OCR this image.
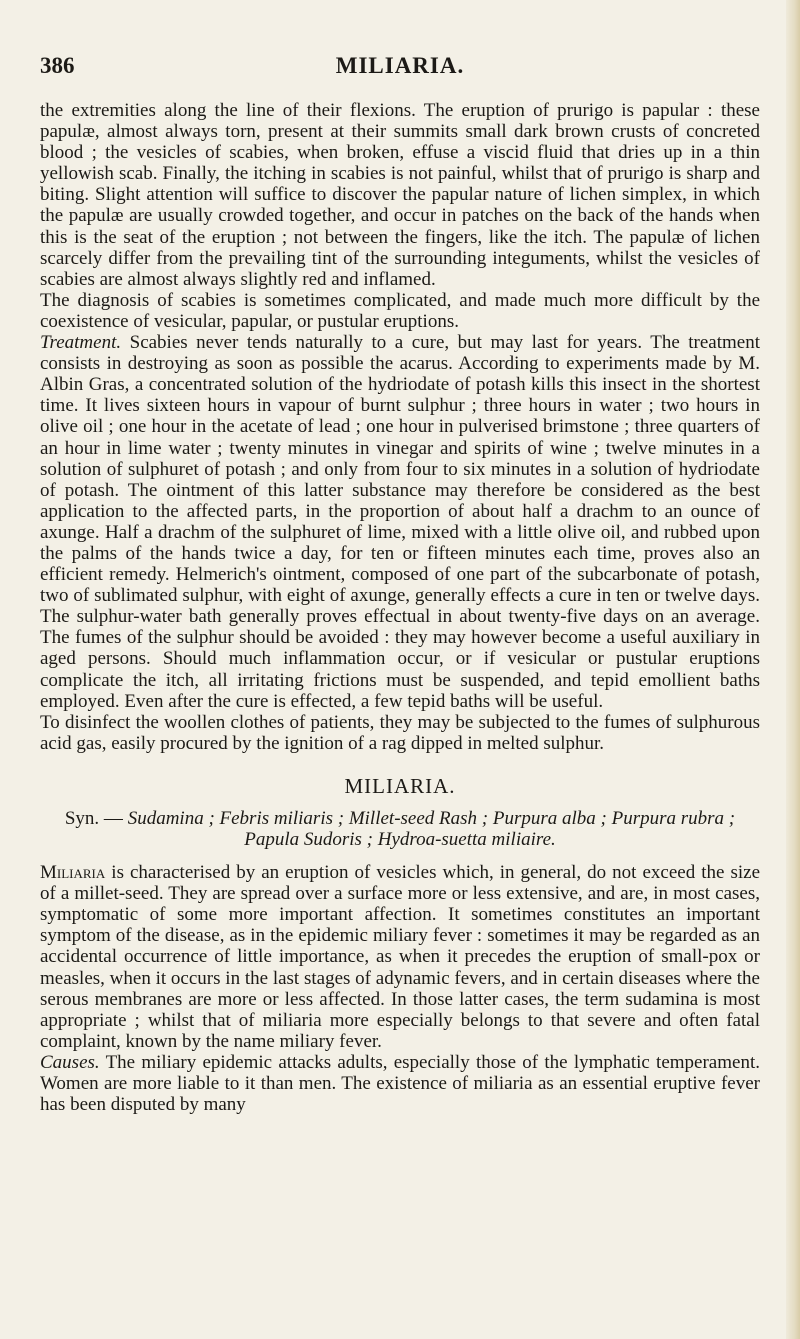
386	MILIARIA.

the extremities along the line of their flexions. The eruption of prurigo is papular : these papulæ, almost always torn, present at their summits small dark brown crusts of concreted blood ; the vesicles of scabies, when broken, effuse a viscid fluid that dries up in a thin yellowish scab. Finally, the itching in scabies is not painful, whilst that of prurigo is sharp and biting. Slight attention will suffice to discover the papular nature of lichen simplex, in which the papulæ are usually crowded together, and occur in patches on the back of the hands when this is the seat of the eruption ; not between the fingers, like the itch. The papulæ of lichen scarcely differ from the prevailing tint of the surrounding integuments, whilst the vesicles of scabies are almost always slightly red and inflamed.

The diagnosis of scabies is sometimes complicated, and made much more difficult by the coexistence of vesicular, papular, or pustular eruptions.

Treatment. Scabies never tends naturally to a cure, but may last for years. The treatment consists in destroying as soon as possible the acarus. According to experiments made by M. Albin Gras, a concentrated solution of the hydriodate of potash kills this insect in the shortest time. It lives sixteen hours in vapour of burnt sulphur ; three hours in water ; two hours in olive oil ; one hour in the acetate of lead ; one hour in pulverised brimstone ; three quarters of an hour in lime water ; twenty minutes in vinegar and spirits of wine ; twelve minutes in a solution of sulphuret of potash ; and only from four to six minutes in a solution of hydriodate of potash. The ointment of this latter substance may therefore be considered as the best application to the affected parts, in the proportion of about half a drachm to an ounce of axunge. Half a drachm of the sulphuret of lime, mixed with a little olive oil, and rubbed upon the palms of the hands twice a day, for ten or fifteen minutes each time, proves also an efficient remedy. Helmerich's ointment, composed of one part of the subcarbonate of potash, two of sublimated sulphur, with eight of axunge, generally effects a cure in ten or twelve days. The sulphur-water bath generally proves effectual in about twenty-five days on an average. The fumes of the sulphur should be avoided : they may however become a useful auxiliary in aged persons. Should much inflammation occur, or if vesicular or pustular eruptions complicate the itch, all irritating frictions must be suspended, and tepid emollient baths employed. Even after the cure is effected, a few tepid baths will be useful.

To disinfect the woollen clothes of patients, they may be subjected to the fumes of sulphurous acid gas, easily procured by the ignition of a rag dipped in melted sulphur.

MILIARIA.
Syn. — Sudamina ; Febris miliaris ; Millet-seed Rash ; Purpura alba ; Purpura rubra ; Papula Sudoris ; Hydroa-suetta miliaire.

Miliaria is characterised by an eruption of vesicles which, in general, do not exceed the size of a millet-seed. They are spread over a surface more or less extensive, and are, in most cases, symptomatic of some more important affection. It sometimes constitutes an important symptom of the disease, as in the epidemic miliary fever : sometimes it may be regarded as an accidental occurrence of little importance, as when it precedes the eruption of small-pox or measles, when it occurs in the last stages of adynamic fevers, and in certain diseases where the serous membranes are more or less affected. In those latter cases, the term sudamina is most appropriate ; whilst that of miliaria more especially belongs to that severe and often fatal complaint, known by the name miliary fever.

Causes. The miliary epidemic attacks adults, especially those of the lymphatic temperament. Women are more liable to it than men. The existence of miliaria as an essential eruptive fever has been disputed by many
